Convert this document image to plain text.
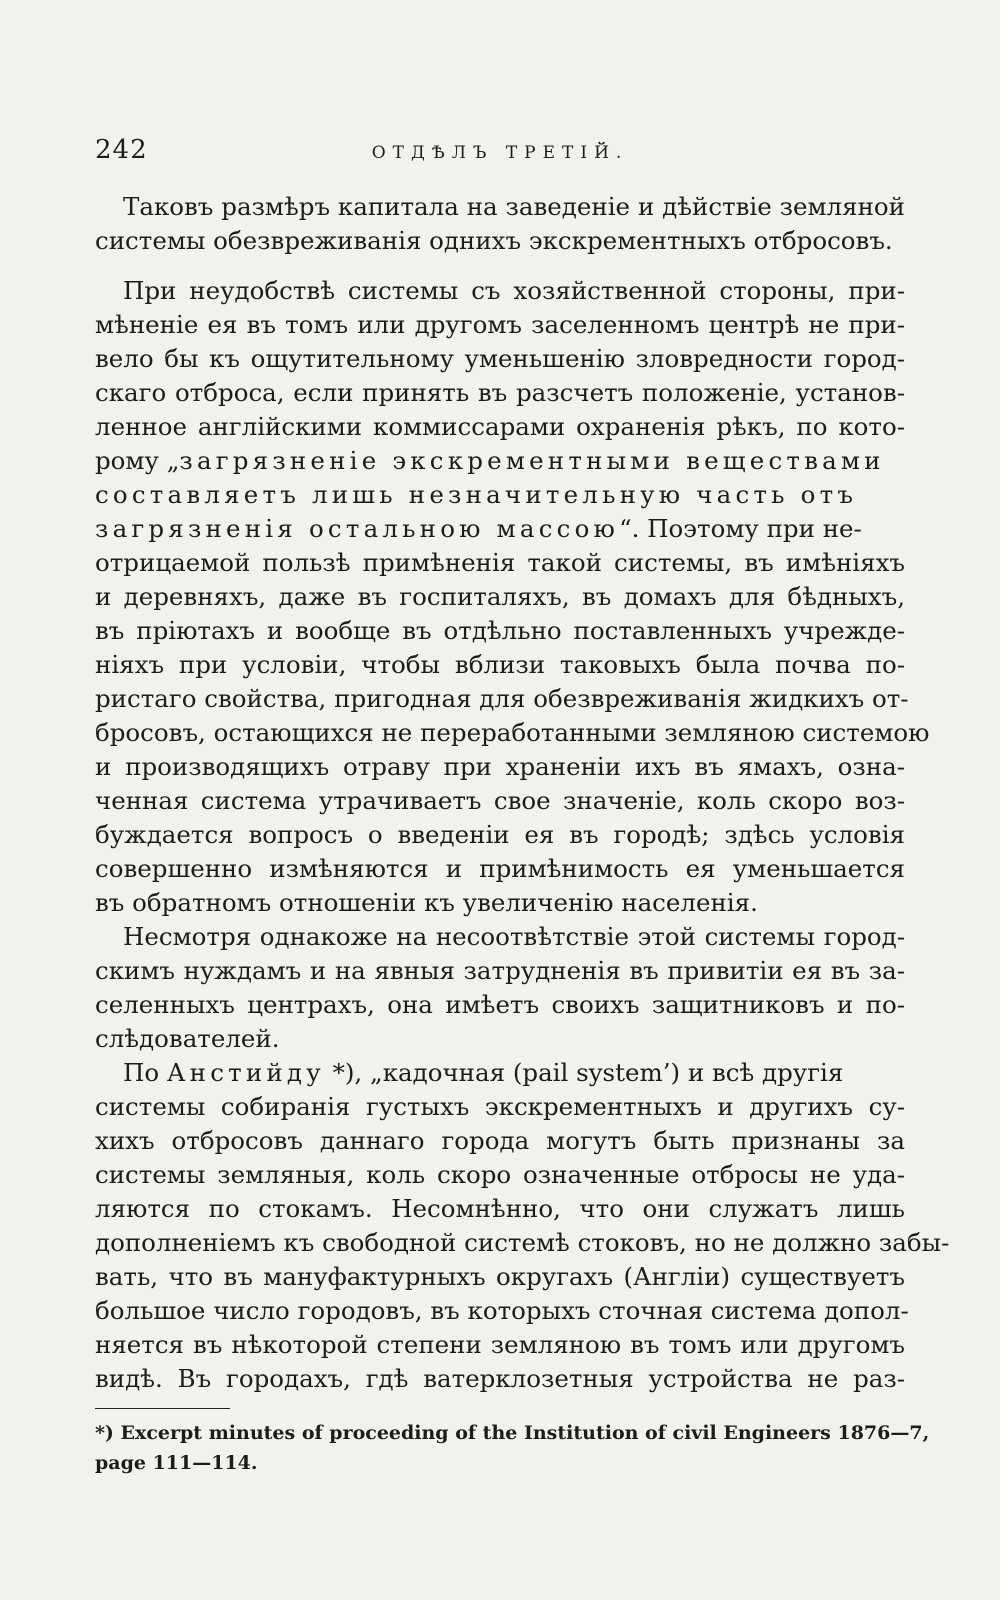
242	ОТДѢЛЪ ТРЕТІЙ.
Таковъ размѣръ капитала на заведеніе и дѣйствіе земляной
системы обезвреживанія однихъ экскрементныхъ отбросовъ.
При неудобствѣ системы съ хозяйственной стороны, при-
мѣненіе ея въ томъ или другомъ заселенномъ центрѣ не при-
вело бы къ ощутительному уменьшенію зловредности город-
скаго отброса, если принять въ разсчетъ положеніе, установ-
ленное англійскими коммиссарами охраненія рѣкъ, по кото-
рому „загрязненіе экскрементными веществами
составляетъ лишь незначительную часть отъ
загрязненія остальною массою“. Поэтому при не-
отрицаемой пользѣ примѣненія такой системы, въ имѣніяхъ
и деревняхъ, даже въ госпиталяхъ, въ домахъ для бѣдныхъ,
въ пріютахъ и вообще въ отдѣльно поставленныхъ учрежде-
ніяхъ при условіи, чтобы вблизи таковыхъ была почва по-
ристаго свойства, пригодная для обезвреживанія жидкихъ от-
бросовъ, остающихся не переработанными земляною системою
и производящихъ отраву при храненіи ихъ въ ямахъ, озна-
ченная система утрачиваетъ свое значеніе, коль скоро воз-
буждается вопросъ о введеніи ея въ городѣ; здѣсь условія
совершенно измѣняются и примѣнимость ея уменьшается
въ обратномъ отношеніи къ увеличенію населенія.
Несмотря однакоже на несоотвѣтствіе этой системы город-
скимъ нуждамъ и на явныя затрудненія въ привитіи ея въ за-
селенныхъ центрахъ, она имѣетъ своихъ защитниковъ и по-
слѣдователей.
По Анстийду *), „кадочная (pail system’) и всѣ другія
системы собиранія густыхъ экскрементныхъ и другихъ су-
хихъ отбросовъ даннаго города могутъ быть признаны за
системы земляныя, коль скоро означенные отбросы не уда-
ляются по стокамъ. Несомнѣнно, что они служатъ лишь
дополненіемъ къ свободной системѣ стоковъ, но не должно забы-
вать, что въ мануфактурныхъ округахъ (Англіи) существуетъ
большое число городовъ, въ которыхъ сточная система допол-
няется въ нѣкоторой степени земляною въ томъ или другомъ
видѣ. Въ городахъ, гдѣ ватерклозетныя устройства не раз-
*) Excerpt minutes of proceeding of the Institution of civil Engineers 1876—7,
page 111—114.
